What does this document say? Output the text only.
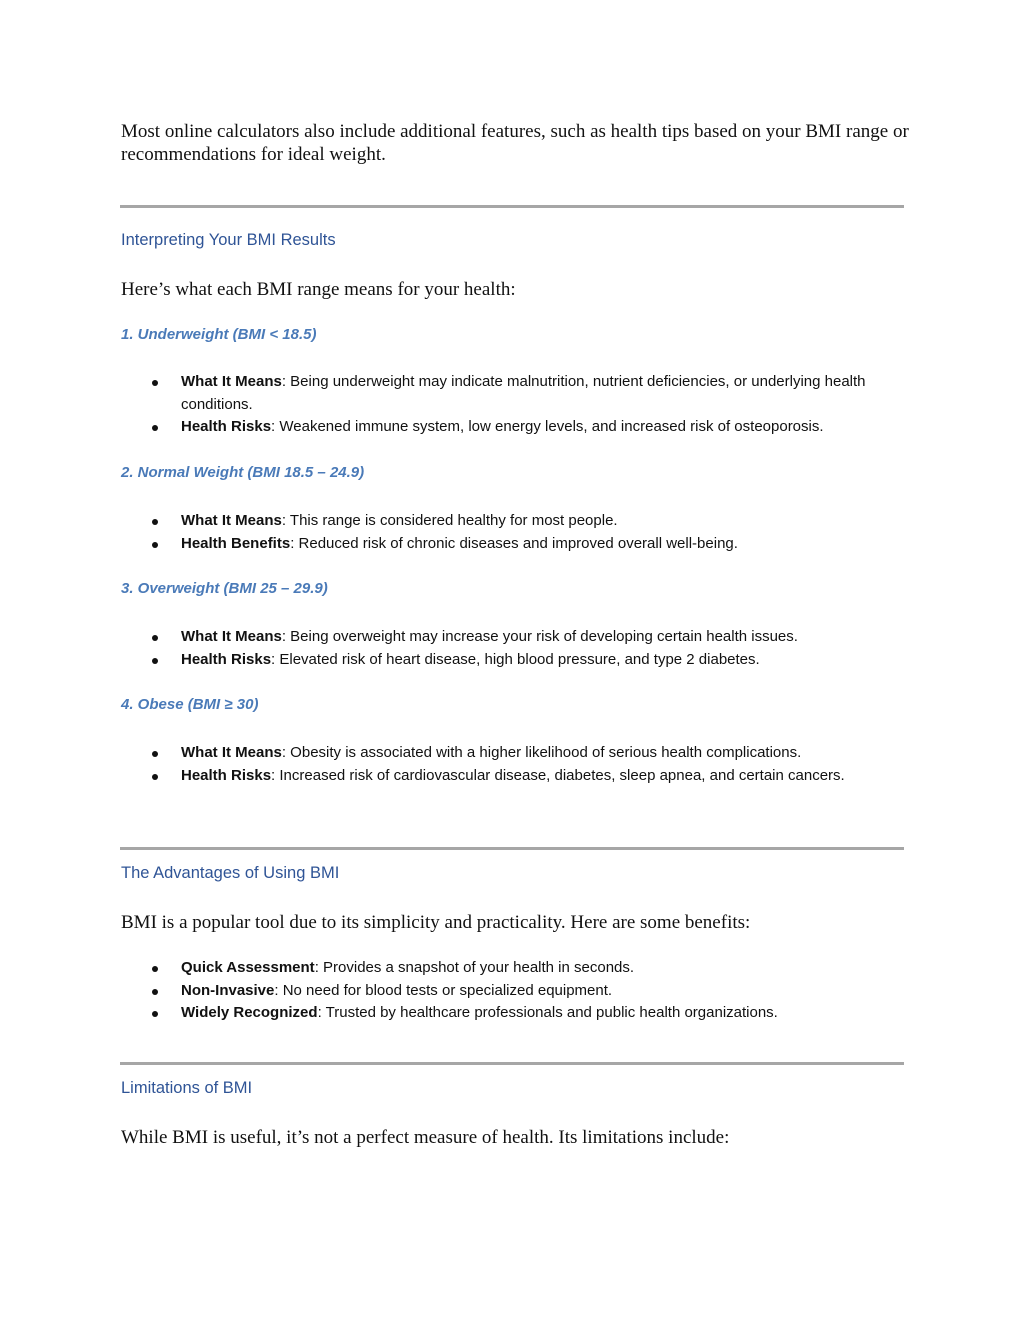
Most online calculators also include additional features, such as health tips based on your BMI range or recommendations for ideal weight.

Interpreting Your BMI Results

Here’s what each BMI range means for your health:

1. Underweight (BMI < 18.5)
What It Means: Being underweight may indicate malnutrition, nutrient deficiencies, or underlying health conditions.
Health Risks: Weakened immune system, low energy levels, and increased risk of osteoporosis.
2. Normal Weight (BMI 18.5 – 24.9)
What It Means: This range is considered healthy for most people.
Health Benefits: Reduced risk of chronic diseases and improved overall well-being.
3. Overweight (BMI 25 – 29.9)
What It Means: Being overweight may increase your risk of developing certain health issues.
Health Risks: Elevated risk of heart disease, high blood pressure, and type 2 diabetes.
4. Obese (BMI ≥ 30)
What It Means: Obesity is associated with a higher likelihood of serious health complications.
Health Risks: Increased risk of cardiovascular disease, diabetes, sleep apnea, and certain cancers.
The Advantages of Using BMI

BMI is a popular tool due to its simplicity and practicality. Here are some benefits:

Quick Assessment: Provides a snapshot of your health in seconds.
Non-Invasive: No need for blood tests or specialized equipment.
Widely Recognized: Trusted by healthcare professionals and public health organizations.
Limitations of BMI

While BMI is useful, it’s not a perfect measure of health. Its limitations include:
